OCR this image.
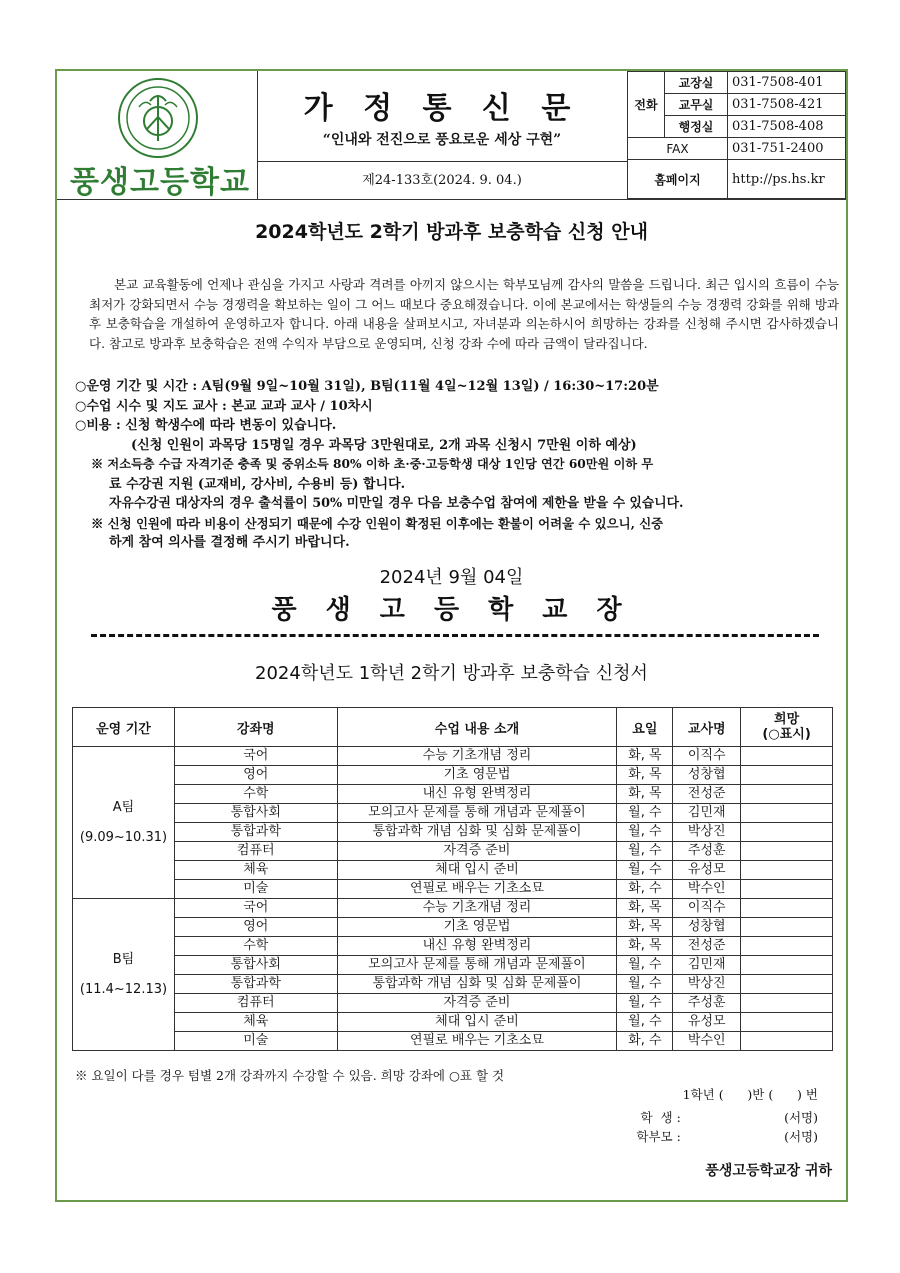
풍생고등학교
가 정 통 신 문
“인내와 전진으로 풍요로운 세상 구현”
제24-133호(2024. 9. 04.)
전화	교장실	031-7508-401
	교무실	031-7508-421
	행정실	031-7508-408
FAX		031-751-2400
홈페이지		http://ps.hs.kr
2024학년도 2학기 방과후 보충학습 신청 안내
본교 교육활동에 언제나 관심을 가지고 사랑과 격려를 아끼지 않으시는 학부모님께 감사의 말씀을 드립니다. 최근 입시의 흐름이 수능 최저가 강화되면서 수능 경쟁력을 확보하는 일이 그 어느 때보다 중요해졌습니다. 이에 본교에서는 학생들의 수능 경쟁력 강화를 위해 방과후 보충학습을 개설하여 운영하고자 합니다. 아래 내용을 살펴보시고, 자녀분과 의논하시어 희망하는 강좌를 신청해 주시면 감사하겠습니다. 참고로 방과후 보충학습은 전액 수익자 부담으로 운영되며, 신청 강좌 수에 따라 금액이 달라집니다.
○운영 기간 및 시간 : A팀(9월 9일~10월 31일), B팀(11월 4일~12월 13일) / 16:30~17:20분
○수업 시수 및 지도 교사 : 본교 교과 교사 / 10차시
○비용 : 신청 학생수에 따라 변동이 있습니다.
(신청 인원이 과목당 15명일 경우 과목당 3만원대로, 2개 과목 신청시 7만원 이하 예상)
※ 저소득층 수급 자격기준 충족 및 중위소득 80% 이하 초·중·고등학생 대상 1인당 연간 60만원 이하 무
료 수강권 지원 (교재비, 강사비, 수용비 등) 합니다.
자유수강권 대상자의 경우 출석률이 50% 미만일 경우 다음 보충수업 참여에 제한을 받을 수 있습니다.
※ 신청 인원에 따라 비용이 산정되기 때문에 수강 인원이 확정된 이후에는 환불이 어려울 수 있으니, 신중
하게 참여 의사를 결정해 주시기 바랍니다.
2024년 9월 04일
풍 생 고 등 학 교 장
2024학년도 1학년 2학기 방과후 보충학습 신청서
운영 기간	강좌명	수업 내용 소개	요일	교사명	희망
(○표시)

A팀
(9.09~10.31)	국어	수능 기초개념 정리	화, 목	이직수	
	영어	기초 영문법	화, 목	성창협	
	수학	내신 유형 완벽정리	화, 목	전성준	
	통합사회	모의고사 문제를 통해 개념과 문제풀이	월, 수	김민재	
	통합과학	통합과학 개념 심화 및 심화 문제풀이	월, 수	박상진	
	컴퓨터	자격증 준비	월, 수	주성훈	
	체육	체대 입시 준비	월, 수	유성모	
	미술	연필로 배우는 기초소묘	화, 수	박수인	

B팀
(11.4~12.13)	국어	수능 기초개념 정리	화, 목	이직수	
	영어	기초 영문법	화, 목	성창협	
	수학	내신 유형 완벽정리	화, 목	전성준	
	통합사회	모의고사 문제를 통해 개념과 문제풀이	월, 수	김민재	
	통합과학	통합과학 개념 심화 및 심화 문제풀이	월, 수	박상진	
	컴퓨터	자격증 준비	월, 수	주성훈	
	체육	체대 입시 준비	월, 수	유성모	
	미술	연필로 배우는 기초소묘	화, 수	박수인	
※ 요일이 다를 경우 텀별 2개 강좌까지 수강할 수 있음. 희망 강좌에 ○표 할 것
1학년 (      )반 (      ) 번
학  생 :                          (서명)
학부모 :                          (서명)
풍생고등학교장 귀하
